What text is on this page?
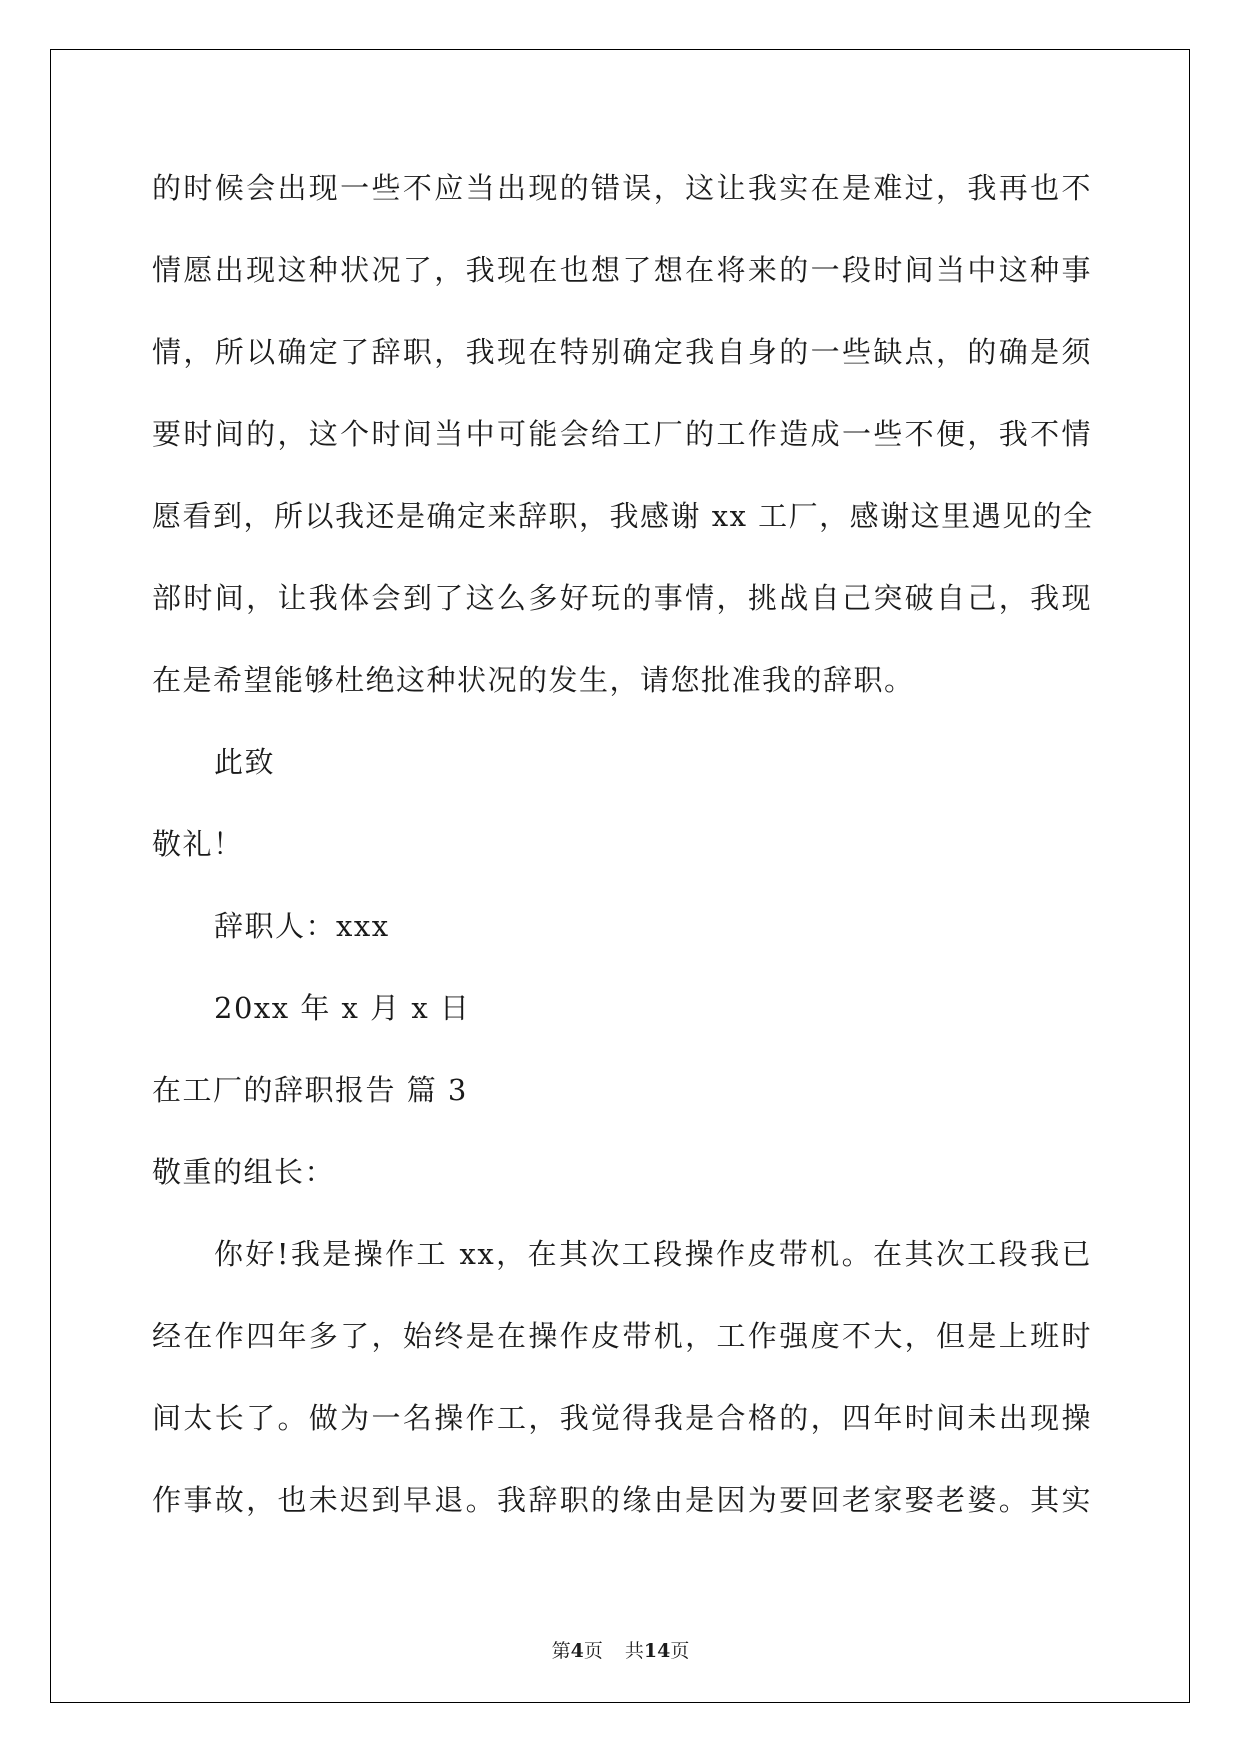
的时候会出现一些不应当出现的错误，这让我实在是难过，我再也不

情愿出现这种状况了，我现在也想了想在将来的一段时间当中这种事

情，所以确定了辞职，我现在特别确定我自身的一些缺点，的确是须

要时间的，这个时间当中可能会给工厂的工作造成一些不便，我不情

愿看到，所以我还是确定来辞职，我感谢 xx 工厂，感谢这里遇见的全

部时间，让我体会到了这么多好玩的事情，挑战自己突破自己，我现

在是希望能够杜绝这种状况的发生，请您批准我的辞职。

此致

敬礼！

辞职人：xxx

20xx 年 x 月 x 日

在工厂的辞职报告 篇 3

敬重的组长：

你好!我是操作工 xx，在其次工段操作皮带机。在其次工段我已

经在作四年多了，始终是在操作皮带机，工作强度不大，但是上班时

间太长了。做为一名操作工，我觉得我是合格的，四年时间未出现操

作事故，也未迟到早退。我辞职的缘由是因为要回老家娶老婆。其实

第4页 共14页
